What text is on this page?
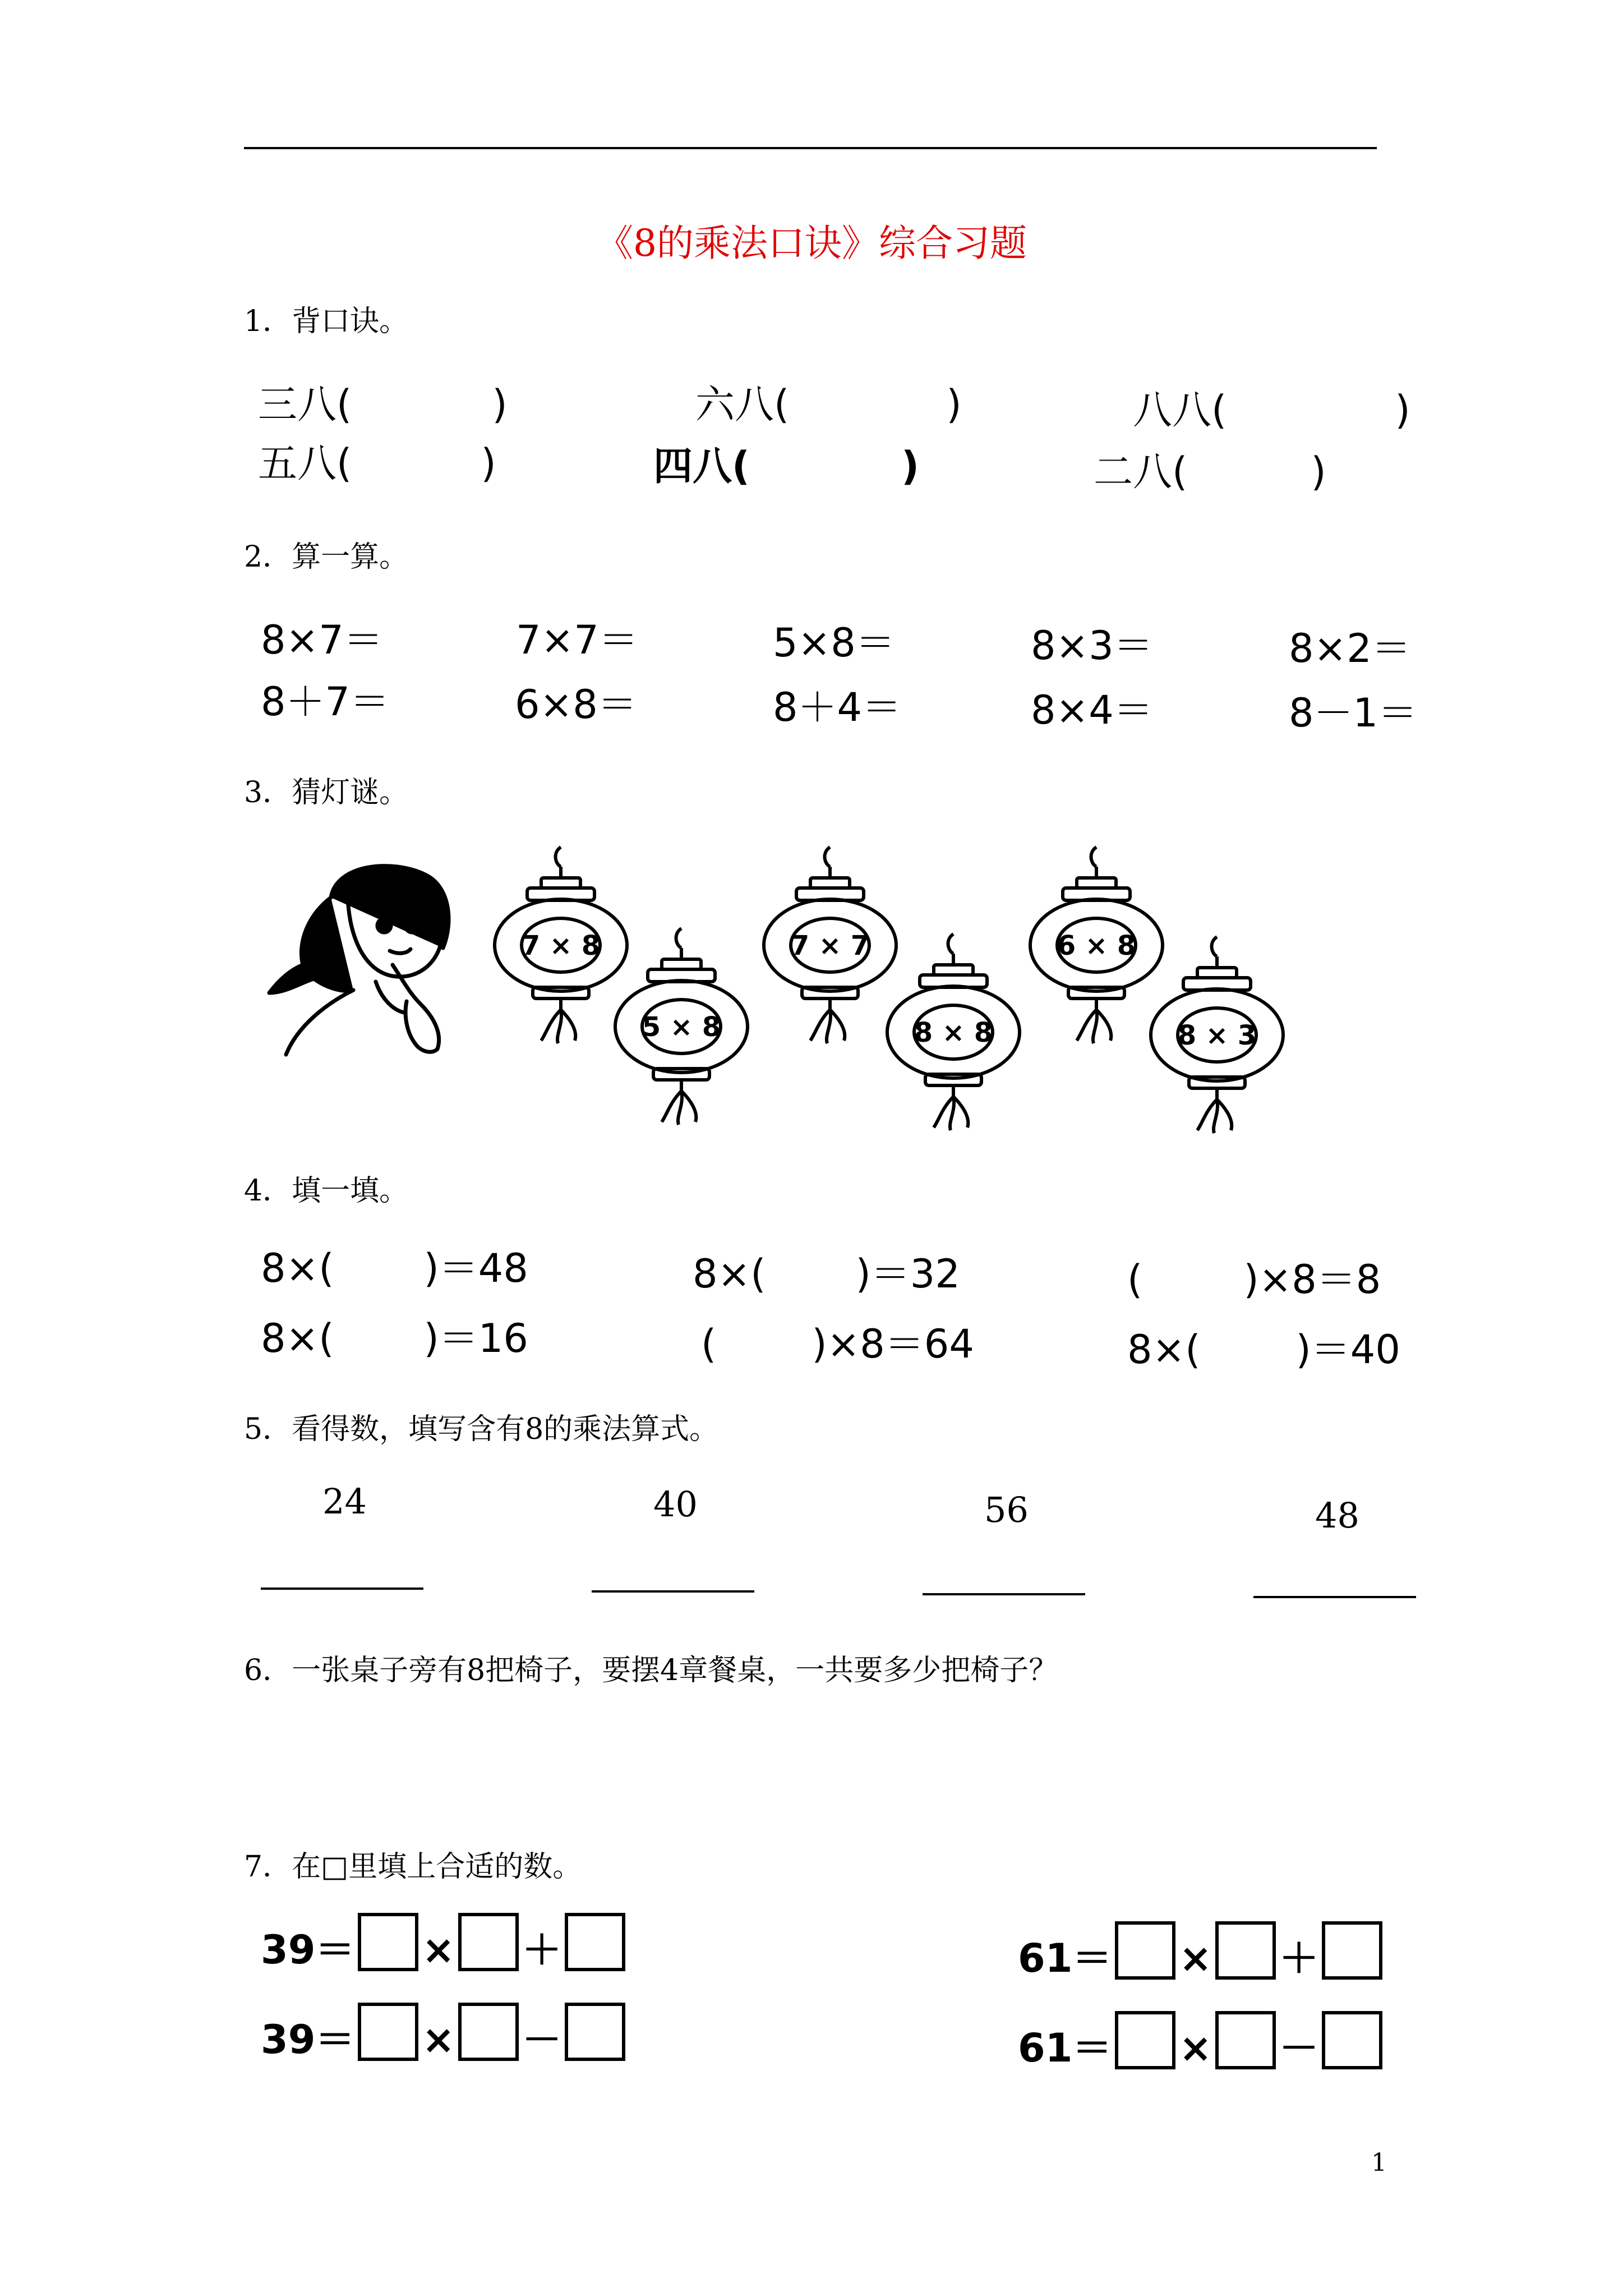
《8的乘法口诀》综合习题
1．背口诀。
三八(	)	六八(	)	八八(	)
五八(	)	四八(	)	二八(	)
2．算一算。
8×7＝	7×7＝	5×8＝	8×3＝	8×2＝
8＋7＝	6×8＝	8＋4＝	8×4＝	8－1＝
3．猜灯谜。
7 × 8
5 × 8
7 × 7
8 × 8
6 × 8
8 × 3
4．填一填。
8×( )＝48	8×( )＝32	(	)×8＝8
8×( )＝16	( )×8＝64	8×( )＝40
5．看得数，填写含有8的乘法算式。
24	40	56	48
6．一张桌子旁有8把椅子，要摆4章餐桌，一共要多少把椅子？
7．在□里填上合适的数。
39＝ × ＋	61＝ × ＋
39＝ × －	61＝ × －
1
